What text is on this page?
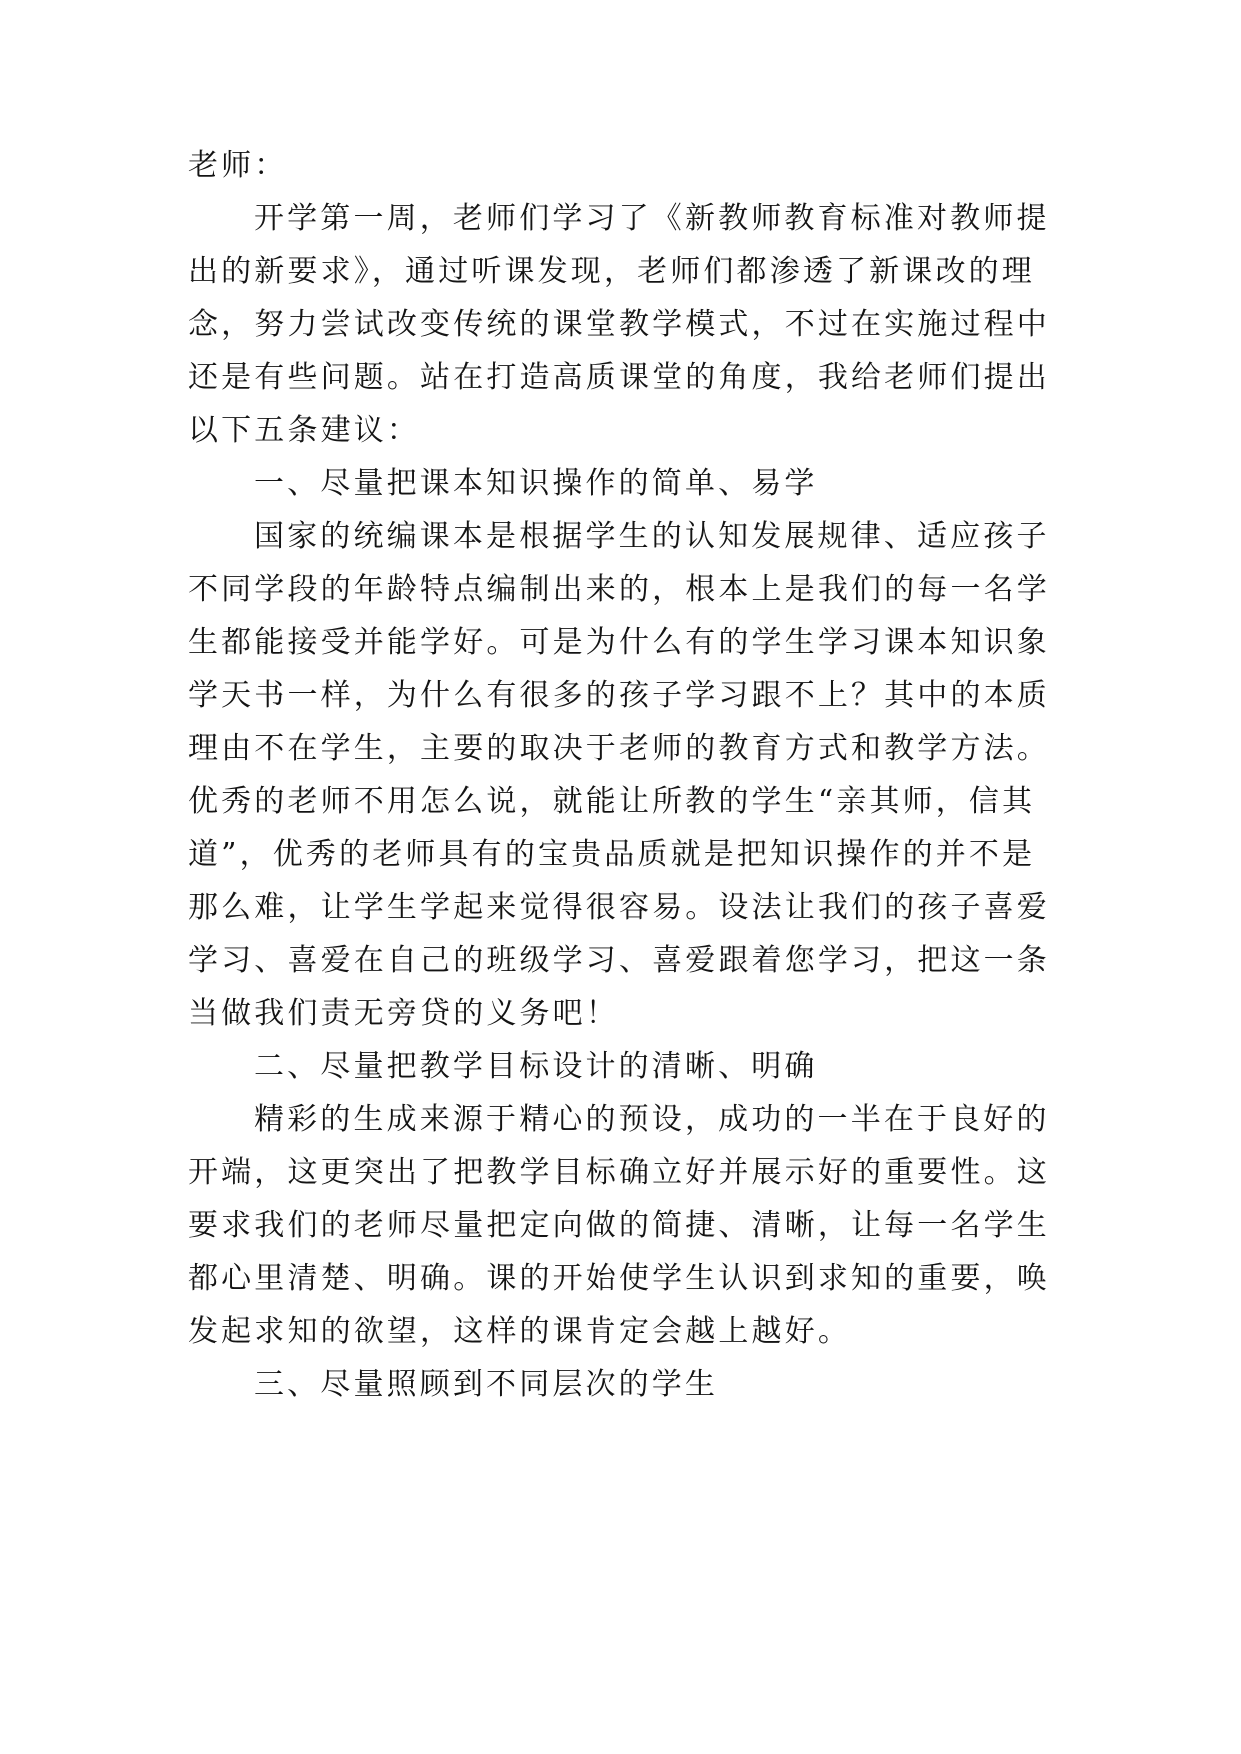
老师：
开学第一周，老师们学习了《新教师教育标准对教师提
出的新要求》，通过听课发现，老师们都渗透了新课改的理
念，努力尝试改变传统的课堂教学模式，不过在实施过程中
还是有些问题。站在打造高质课堂的角度，我给老师们提出
以下五条建议：
一、尽量把课本知识操作的简单、易学
国家的统编课本是根据学生的认知发展规律、适应孩子
不同学段的年龄特点编制出来的，根本上是我们的每一名学
生都能接受并能学好。可是为什么有的学生学习课本知识象
学天书一样，为什么有很多的孩子学习跟不上？其中的本质
理由不在学生，主要的取决于老师的教育方式和教学方法。
优秀的老师不用怎么说，就能让所教的学生“亲其师，信其
道”，优秀的老师具有的宝贵品质就是把知识操作的并不是
那么难，让学生学起来觉得很容易。设法让我们的孩子喜爱
学习、喜爱在自己的班级学习、喜爱跟着您学习，把这一条
当做我们责无旁贷的义务吧！
二、尽量把教学目标设计的清晰、明确
精彩的生成来源于精心的预设，成功的一半在于良好的
开端，这更突出了把教学目标确立好并展示好的重要性。这
要求我们的老师尽量把定向做的简捷、清晰，让每一名学生
都心里清楚、明确。课的开始使学生认识到求知的重要，唤
发起求知的欲望，这样的课肯定会越上越好。
三、尽量照顾到不同层次的学生
